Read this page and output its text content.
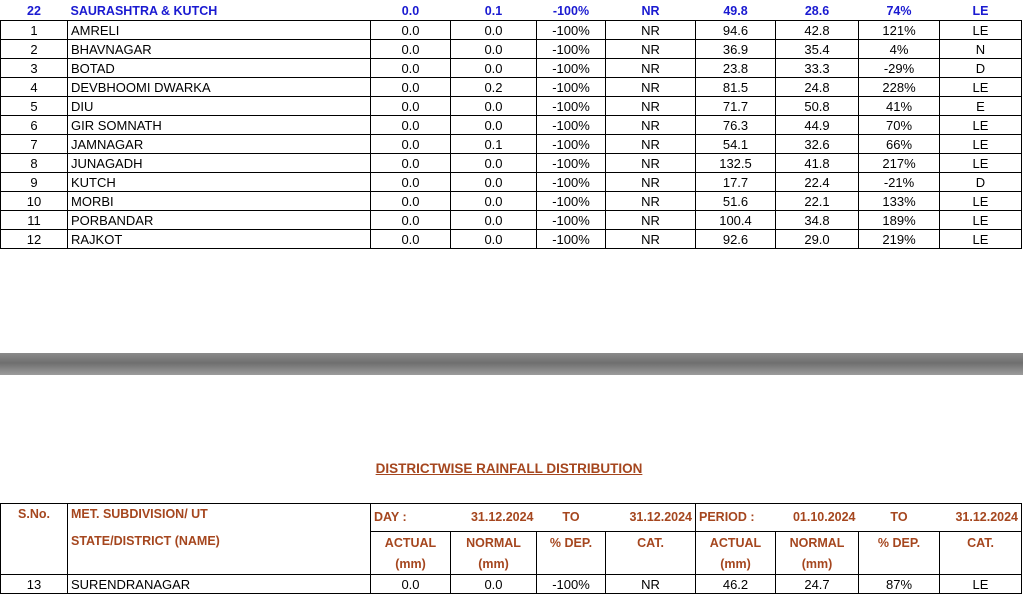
22	SAURASHTRA & KUTCH	0.0	0.1	-100%	NR	49.8	28.6	74%	LE
1	AMRELI	0.0	0.0	-100%	NR	94.6	42.8	121%	LE
2	BHAVNAGAR	0.0	0.0	-100%	NR	36.9	35.4	4%	N
3	BOTAD	0.0	0.0	-100%	NR	23.8	33.3	-29%	D
4	DEVBHOOMI DWARKA	0.0	0.2	-100%	NR	81.5	24.8	228%	LE
5	DIU	0.0	0.0	-100%	NR	71.7	50.8	41%	E
6	GIR SOMNATH	0.0	0.0	-100%	NR	76.3	44.9	70%	LE
7	JAMNAGAR	0.0	0.1	-100%	NR	54.1	32.6	66%	LE
8	JUNAGADH	0.0	0.0	-100%	NR	132.5	41.8	217%	LE
9	KUTCH	0.0	0.0	-100%	NR	17.7	22.4	-21%	D
10	MORBI	0.0	0.0	-100%	NR	51.6	22.1	133%	LE
11	PORBANDAR	0.0	0.0	-100%	NR	100.4	34.8	189%	LE
12	RAJKOT	0.0	0.0	-100%	NR	92.6	29.0	219%	LE
DISTRICTWISE RAINFALL DISTRIBUTION
S.No.	MET. SUBDIVISION/ UT	DAY :	31.12.2024	TO	31.12.2024	PERIOD :	01.10.2024	TO	31.12.2024
	STATE/DISTRICT (NAME)	ACTUAL	NORMAL	% DEP.	CAT.	ACTUAL	NORMAL	% DEP.	CAT.
		(mm)	(mm)			(mm)	(mm)		
13	SURENDRANAGAR	0.0	0.0	-100%	NR	46.2	24.7	87%	LE
